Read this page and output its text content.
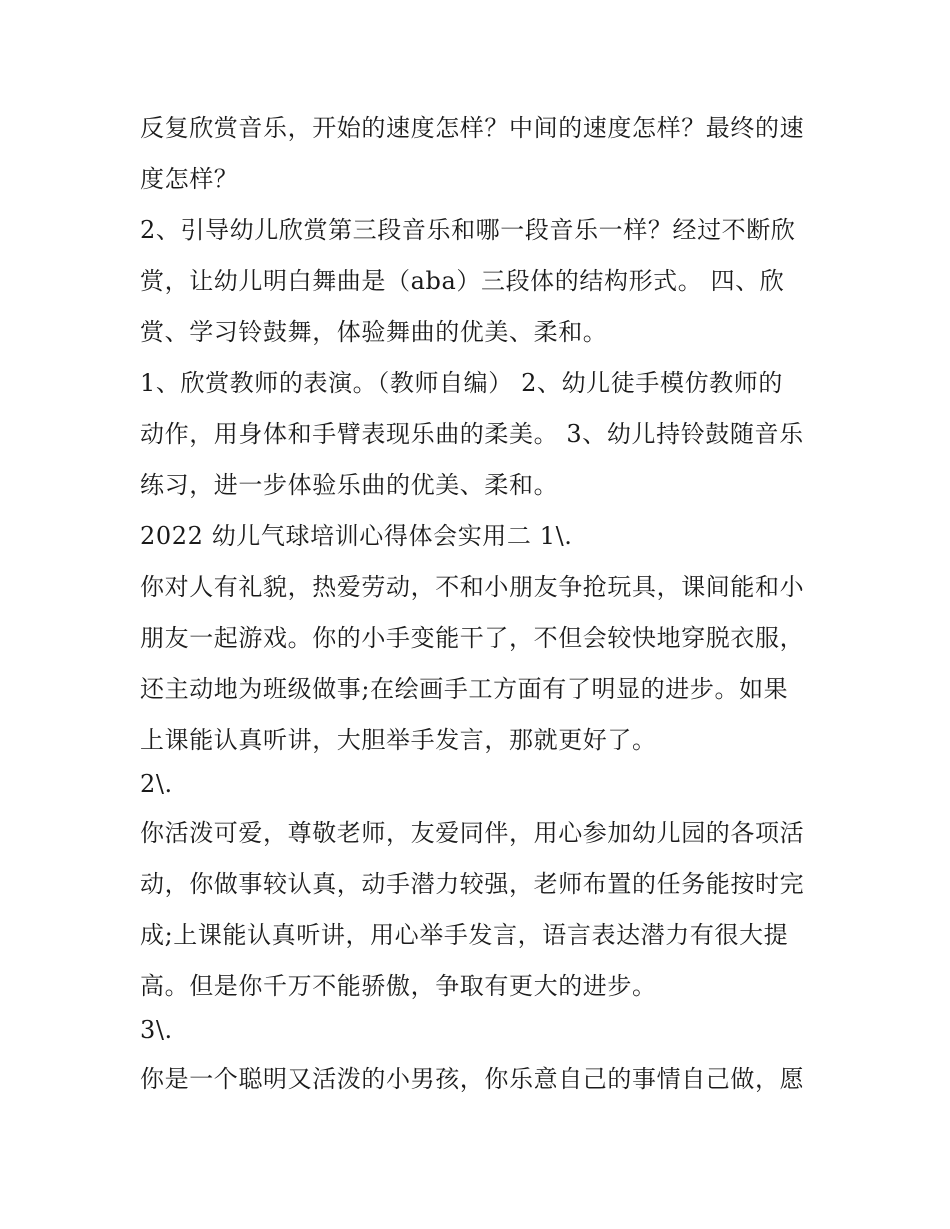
反复欣赏音乐，开始的速度怎样？中间的速度怎样？最终的速
度怎样？
2、引导幼儿欣赏第三段音乐和哪一段音乐一样？经过不断欣
赏，让幼儿明白舞曲是（aba）三段体的结构形式。 四、欣
赏、学习铃鼓舞，体验舞曲的优美、柔和。
1、欣赏教师的表演。（教师自编） 2、幼儿徒手模仿教师的
动作，用身体和手臂表现乐曲的柔美。 3、幼儿持铃鼓随音乐
练习，进一步体验乐曲的优美、柔和。
2022 幼儿气球培训心得体会实用二 1\.
你对人有礼貌，热爱劳动，不和小朋友争抢玩具，课间能和小
朋友一起游戏。你的小手变能干了，不但会较快地穿脱衣服，
还主动地为班级做事;在绘画手工方面有了明显的进步。如果
上课能认真听讲，大胆举手发言，那就更好了。
2\.
你活泼可爱，尊敬老师，友爱同伴，用心参加幼儿园的各项活
动，你做事较认真，动手潜力较强，老师布置的任务能按时完
成;上课能认真听讲，用心举手发言，语言表达潜力有很大提
高。但是你千万不能骄傲，争取有更大的进步。
3\.
你是一个聪明又活泼的小男孩，你乐意自己的事情自己做，愿
